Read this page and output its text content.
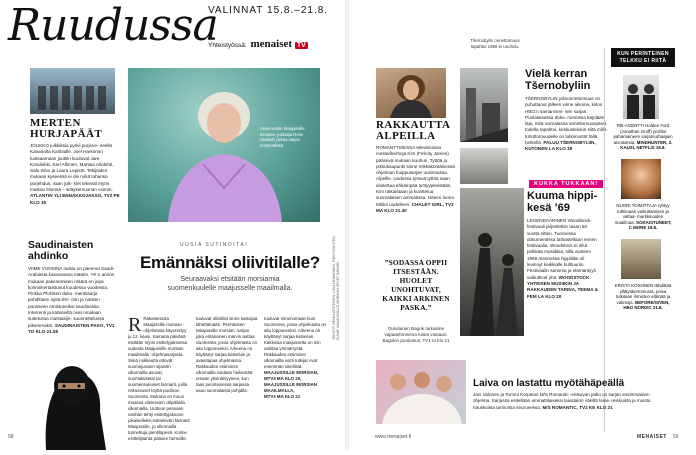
Ruudussa
VALINNAT 15.8.–21.8.
Yhteistyössä: menaiset TV
MERTEN
HURJAPÄÄT
JOUKKO julkkiksia pyrkii purjeve- neellä Kanarialta Karibialle. Joel Harkimon luotsaamaan jouttiin kuuluvat Jare Koraloikki, Karl Alhinen, Martina Aitolehti, Salu Silvo ja Laura Lepistö. Tekijöiden mukaan kyseessä ei ole mikä tahansa purjehdus, vaan julk- kiet tekevät myös matkan itsensä – sitäykemuonan voimin. ATLANTIN YLI ENNÄKKOJAKSO, TV2 PE KLO 19
Saudinaisten
ahdinko
VIIME VUOSINA naisia on paennut Saudi-Arabiasta kasvavassa määrin. YK:n arvion mukaan pakenemisen määrä on jopa kolminkertaistunut kuudessa vuodessa. Pinkka Pfohlsen doku- menttisarja pohdittaen syitä ilmi- öön ja naisten paosseen omistuneiksi saudinaisia. Interrenti ja käänteiltä ovat omalaan suitetussa muistakijn- suunnettelussa pikemmaksi. SAUDINAISTEN PAKO, TV1 TO KLO 21.05
Viime kesän Maajussille morsian -juontaja Rose Uusitalo jatkaa sarjan emännöintiä.
UUSIA SUTINOITA!
Emännäksi oliivitilalle?
Seuraavaksi etsitään morsiamia
suomenkuulelle maajusselle maailmalla.
R Rakastetusta Maajussille morsian -ohjelmasta käynnistyy ju 12. kausi. Samana päivänä etsitään myös esittelyjaksossa uudesta Maajussille morsian maailmalla -ohjelmasarjasta. Siinä roikkautta ettevät suomejussien sijaintin ulkomailla asuvat, suomalaisetai tai suomensukuiset farmarit, joilla riskussuvet töyttä puolison Suomesta. Mukana on muun muassa viiniessien oliipitilalla ulkomailla. Uuttuun pensaan vanhan tehty esitettyjaksoon jokaiselleksi esittelevän farmarit Maajussille, jo ulkomailla tunnettuja pientiläpesä. Kolme esittelijäanta pääsee farmoille.
tuuluvat oliivitilat sinne katsojaa lähettämään. Perinteisen Maajussille morsian -sarjan joka eritasoinen marvin auttaa Suomesta, jossa ohjelmasta on aitu loppuneeksi. Aiheena on käyttänyt sarjaa katseluin ja avaintapaa ohjelmassa. Rakkauden etsiminen ulkomailla voidaan heikentää omaan yksinäisyyteen, kun taas perinteisessä sarjassa asuu suomalaista pohjalla.
tuuluvat nimenomaan kuin Suomessa, jossa ohjelmasta on aitu loppuneeksi. Aiheena on käyttänyt sarjaa katseluin. Kakkosia maajusselta on niin vaihtaa ymmärrystä. Rakkauden etsimisen ulkomailla voitti tutkijat ovat enemmän sinellisiä.
MAAJUSSILLE MORSIAN, MTV3 MA KLO 20,
MAAJUSSILLE MORSIAN MAAILMALLA,
MTV3 MA KLO 21
TEKSTIT: EEVA LOISTEINEN, LIISA HEIKKONEN, PÄIVI HOLSTEN. KUVAT: MAAJUSSILLE MORSIAN KEVÄT KAMARI
58
RAKKAUTTA
ALPEILLA
ROMANTTISESSA televisioissa mestarikerhoja Kim (Felicity James) pääsevä mukaan kuuhun. Tyttöä ja pikkukaupunki sinne mikkäköntäisessä ohjelman huippusarjan uusinnassa. Alpeille. Uudessa työssä tyttöä saan aloitettaa ehkämpää työtyypiteistään. Kim ratkaistaan ja kuvittelua suomalaisen ammatissa. Hänen luona Mikko uudelleen. CHALET GIRL, TV2 MA KLO 21.30
”SODASSA OPPII ITSESTÄÄN. HUOLET UNOHTUVAT, KAIKKI ARKINEN PASKA.”
Oululainen Bagok tarkastee vapaaehtoisena tuista vastaan. Bagokin puolustus, TV1 to klo 21
Tšernobylin onnettomuus tapahtui 1986 ei unohdu.
Vielä kerran
Tšernobyliin
TŠERNOBYLIN ydinonnettomuus on puhuttanut jälleen viime aikoina, kiitos HBO:n samannimi- sen sarjan. Puolalaisessa doku- mentissa käydään läpi, mitä voimalassa onnettomuuspäivä todella tapahtui, keskustelukin siitä millä tuhottomuudelle on tutkimustöt tällä hetkellä. PALUU TŠERNOBYLIIN, KUTONEN LA KLO 19
KUKKA TUKKAAN!
Kuuma hippi-
kesä ’69
LEGENDAARINEN Woodstock-festivaali järjestettiin tasan 50 vuotta sitten. Tuoreessa dokumentissa tarkastellaan ennen festivaalia. Woodstock ei ollut pelkkää musiikkia, sillä vuoteen 1969 mennessä hippiliike oli levinnyt kaikkialle kulttuuriin. Festivaalin sanoma ja elämäntyyli vaikuttivat yhä. WOODSTOCK: YHTEISEN MUSIIKIN JA RAKKAUDEN TARINA, TEEMA & FEM LA KLO 20
KUN PERINTEINEN
TELKKU EI RIITÄ
FBI-AGENTTI Holden Ford (Jonathan Groff) profiloi pahamaineen sarjamurhaajien aivoituksia. MINDHUNTER, 2. KAUSI, NETFLIX 16.8.
NUORI TOIMITTAJA ryhtyy tutkimaan vaikuttamisen ja valtaa- markkinoiden maailmaa. SOKAISTUNEET, C MORE 19.8.
KRISTA KOSONEN tähdittää yllätyskertomusta, jossa tutkitaan ihmisten elämää ja valintoja. BEFORE/GIVEN, HBO NORDIC 21.8.
Laiva on lastattu myötähäpeällä
Jani Valonen ja Tommi Korpelan M/S Romantic -elokuvan jatko on sarjan ensimmäinen ohjelma. Sarjassa esitellään ammattilaiseksi laivatalon väkiltä laiva- reissuista ja muista hauskoista tarinoista seurueessa. M/S ROMANTIC, TV2 KE KLO 21
www.menaiset.fi	MENAISET 59
